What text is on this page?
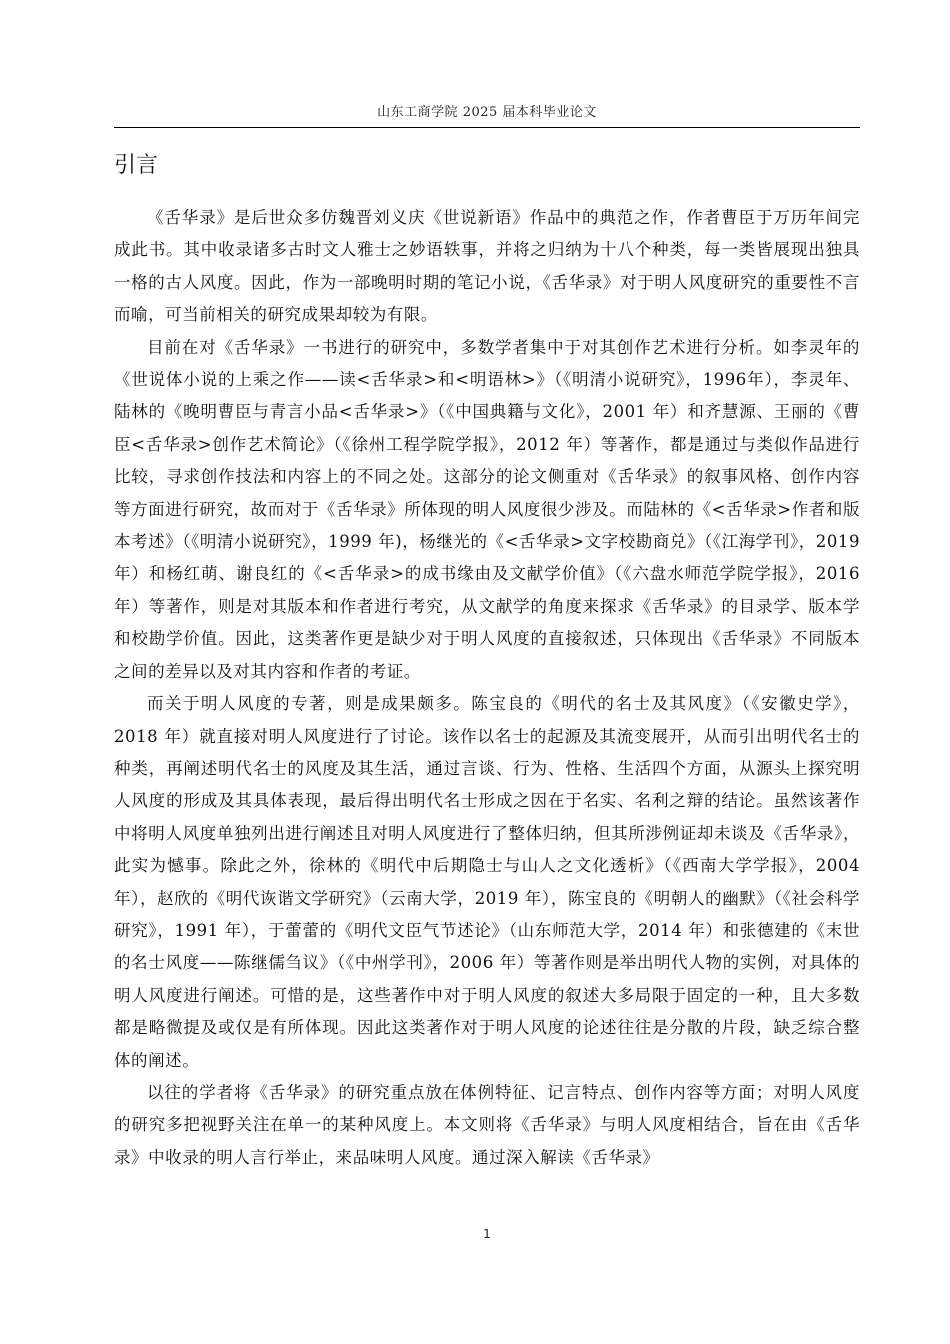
山东工商学院 2025 届本科毕业论文
引言

《舌华录》是后世众多仿魏晋刘义庆《世说新语》作品中的典范之作，作者曹臣于万历年间完成此书。其中收录诸多古时文人雅士之妙语轶事，并将之归纳为十八个种类，每一类皆展现出独具一格的古人风度。因此，作为一部晚明时期的笔记小说，《舌华录》对于明人风度研究的重要性不言而喻，可当前相关的研究成果却较为有限。

目前在对《舌华录》一书进行的研究中，多数学者集中于对其创作艺术进行分析。如李灵年的《世说体小说的上乘之作——读<舌华录>和<明语林>》（《明清小说研究》，1996年），李灵年、陆林的《晚明曹臣与青言小品<舌华录>》（《中国典籍与文化》，2001 年）和齐慧源、王丽的《曹臣<舌华录>创作艺术简论》（《徐州工程学院学报》，2012 年）等著作，都是通过与类似作品进行比较，寻求创作技法和内容上的不同之处。这部分的论文侧重对《舌华录》的叙事风格、创作内容等方面进行研究，故而对于《舌华录》所体现的明人风度很少涉及。而陆林的《<舌华录>作者和版本考述》（《明清小说研究》，1999 年)，杨继光的《<舌华录>文字校勘商兑》（《江海学刊》，2019 年）和杨红萌、谢良红的《<舌华录>的成书缘由及文献学价值》（《六盘水师范学院学报》，2016 年）等著作，则是对其版本和作者进行考究，从文献学的角度来探求《舌华录》的目录学、版本学和校勘学价值。因此，这类著作更是缺少对于明人风度的直接叙述，只体现出《舌华录》不同版本之间的差异以及对其内容和作者的考证。

而关于明人风度的专著，则是成果颇多。陈宝良的《明代的名士及其风度》（《安徽史学》，2018 年）就直接对明人风度进行了讨论。该作以名士的起源及其流变展开，从而引出明代名士的种类，再阐述明代名士的风度及其生活，通过言谈、行为、性格、生活四个方面，从源头上探究明人风度的形成及其具体表现，最后得出明代名士形成之因在于名实、名利之辩的结论。虽然该著作中将明人风度单独列出进行阐述且对明人风度进行了整体归纳，但其所涉例证却未谈及《舌华录》，此实为憾事。除此之外，徐林的《明代中后期隐士与山人之文化透析》（《西南大学学报》，2004 年），赵欣的《明代诙谐文学研究》（云南大学，2019 年），陈宝良的《明朝人的幽默》（《社会科学研究》，1991 年），于蕾蕾的《明代文臣气节述论》（山东师范大学，2014 年）和张德建的《末世的名士风度——陈继儒刍议》（《中州学刊》，2006 年）等著作则是举出明代人物的实例，对具体的明人风度进行阐述。可惜的是，这些著作中对于明人风度的叙述大多局限于固定的一种，且大多数都是略微提及或仅是有所体现。因此这类著作对于明人风度的论述往往是分散的片段，缺乏综合整体的阐述。

以往的学者将《舌华录》的研究重点放在体例特征、记言特点、创作内容等方面；对明人风度的研究多把视野关注在单一的某种风度上。本文则将《舌华录》与明人风度相结合，旨在由《舌华录》中收录的明人言行举止，来品味明人风度。通过深入解读《舌华录》

1
